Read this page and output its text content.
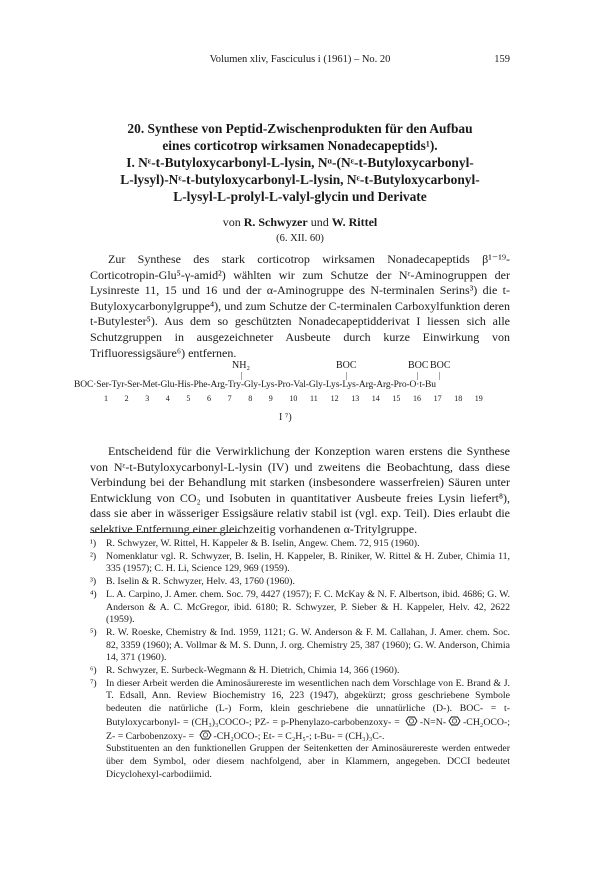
Volumen xliv, Fasciculus i (1961) – No. 20	159
20. Synthese von Peptid-Zwischenprodukten für den Aufbau
eines corticotrop wirksamen Nonadecapeptids¹).
I. Nᵋ-t-Butyloxycarbonyl-L-lysin, Nᵅ-(Nᵋ-t-Butyloxycarbonyl-
L-lysyl)-Nᵋ-t-butyloxycarbonyl-L-lysin, Nᵋ-t-Butyloxycarbonyl-
L-lysyl-L-prolyl-L-valyl-glycin und Derivate
von R. Schwyzer und W. Rittel
(6. XII. 60)
Zur Synthese des stark corticotrop wirksamen Nonadecapeptids β¹⁻¹⁹-Corticotropin-Glu⁵-γ-amid²) wählten wir zum Schutze der Nᵋ-Aminogruppen der Lysinreste 11, 15 und 16 und der α-Aminogruppe des N-terminalen Serins³) die t-Butyloxycarbonylgruppe⁴), und zum Schutze der C-terminalen Carboxylfunktion deren t-Butylester⁵). Aus dem so geschützten Nonadecapeptidderivat I liessen sich alle Schutzgruppen in ausgezeichneter Ausbeute durch kurze Einwirkung von Trifluoressigsäure⁶) entfernen.
NH₂	BOC	BOC BOC
|	|	|	|
BOC·Ser-Tyr-Ser-Met-Glu-His-Phe-Arg-Try-Gly-Lys-Pro-Val-Gly-Lys-Lys-Arg-Arg-Pro-O·t-Bu
1 2 3 4 5 6 7 8 9 10 11 12 13 14 15 16 17 18 19
I ⁷)
Entscheidend für die Verwirklichung der Konzeption waren erstens die Synthese von Nᵋ-t-Butyloxycarbonyl-L-lysin (IV) und zweitens die Beobachtung, dass diese Verbindung bei der Behandlung mit starken (insbesondere wasserfreien) Säuren unter Entwicklung von CO₂ und Isobuten in quantitativer Ausbeute freies Lysin liefert⁸), dass sie aber in wässeriger Essigsäure relativ stabil ist (vgl. exp. Teil). Dies erlaubt die selektive Entfernung einer gleichzeitig vorhandenen α-Tritylgruppe.
¹) R. Schwyzer, W. Rittel, H. Kappeler & B. Iselin, Angew. Chem. 72, 915 (1960).
²) Nomenklatur vgl. R. Schwyzer, B. Iselin, H. Kappeler, B. Riniker, W. Rittel & H. Zuber, Chimia 11, 335 (1957); C. H. Li, Science 129, 969 (1959).
³) B. Iselin & R. Schwyzer, Helv. 43, 1760 (1960).
⁴) L. A. Carpino, J. Amer. chem. Soc. 79, 4427 (1957); F. C. McKay & N. F. Albertson, ibid. 4686; G. W. Anderson & A. C. McGregor, ibid. 6180; R. Schwyzer, P. Sieber & H. Kappeler, Helv. 42, 2622 (1959).
⁵) R. W. Roeske, Chemistry & Ind. 1959, 1121; G. W. Anderson & F. M. Callahan, J. Amer. chem. Soc. 82, 3359 (1960); A. Vollmar & M. S. Dunn, J. org. Chemistry 25, 387 (1960); G. W. Anderson, Chimia 14, 371 (1960).
⁶) R. Schwyzer, E. Surbeck-Wegmann & H. Dietrich, Chimia 14, 366 (1960).
⁷) In dieser Arbeit werden die Aminosäurereste im wesentlichen nach dem Vorschlage von E. Brand & J. T. Edsall, Ann. Review Biochemistry 16, 223 (1947), abgekürzt; gross geschriebene Symbole bedeuten die natürliche (L-) Form, klein geschriebene die unnatürliche (D-). BOC- = t-Butyloxycarbonyl- = (CH₃)₃COCO-; PZ- = p-Phenylazo-carbobenzoxy- = -N=N- -CH₂OCO-; Z- = Carbobenzoxy- = -CH₂OCO-; Et- = C₂H₅-; t-Bu- = (CH₃)₃C-.
Substituenten an den funktionellen Gruppen der Seitenketten der Aminosäurereste werden entweder über dem Symbol, oder diesem nachfolgend, aber in Klammern, angegeben. DCCI bedeutet Dicyclohexyl-carbodiimid.
